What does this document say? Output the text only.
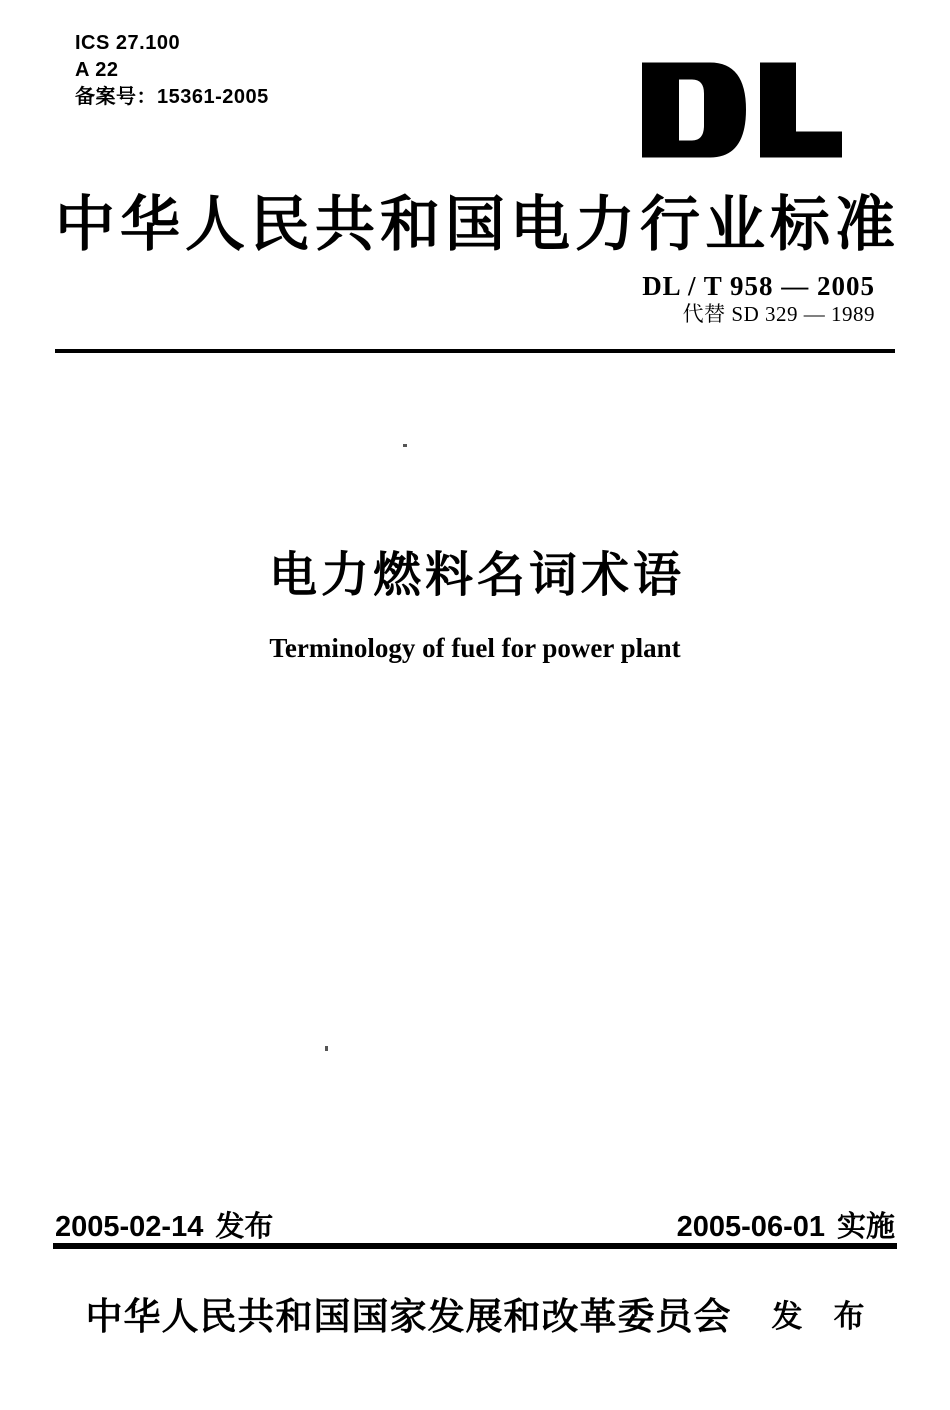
ICS 27.100
A 22
备案号：15361-2005
中 华 人 民 共 和 国 电 力 行 业 标 准
DL / T 958 — 2005
代替 SD 329 — 1989
电力燃料名词术语
Terminology of fuel for power plant
2005-02-14 发布	2005-06-01 实施
中华人民共和国国家发展和改革委员会 发　布
